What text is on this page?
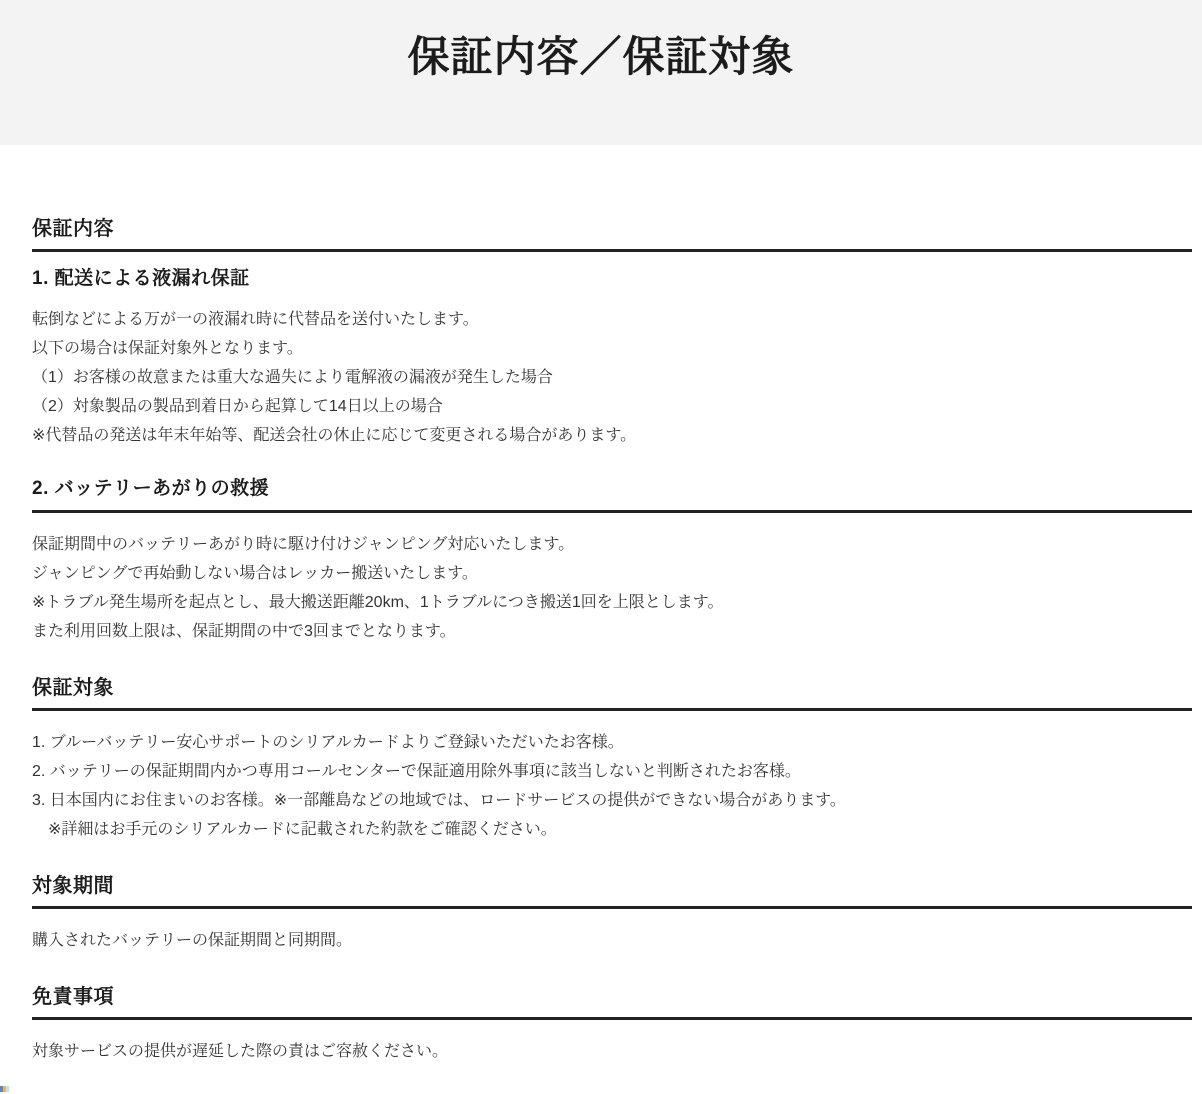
保証内容／保証対象
保証内容
1. 配送による液漏れ保証
転倒などによる万が一の液漏れ時に代替品を送付いたします。
以下の場合は保証対象外となります。
（1）お客様の故意または重大な過失により電解液の漏液が発生した場合
（2）対象製品の製品到着日から起算して14日以上の場合
※代替品の発送は年末年始等、配送会社の休止に応じて変更される場合があります。
2. バッテリーあがりの救援
保証期間中のバッテリーあがり時に駆け付けジャンピング対応いたします。
ジャンピングで再始動しない場合はレッカー搬送いたします。
※トラブル発生場所を起点とし、最大搬送距離20km、1トラブルにつき搬送1回を上限とします。
また利用回数上限は、保証期間の中で3回までとなります。
保証対象
1. ブルーバッテリー安心サポートのシリアルカードよりご登録いただいたお客様。
2. バッテリーの保証期間内かつ専用コールセンターで保証適用除外事項に該当しないと判断されたお客様。
3. 日本国内にお住まいのお客様。※一部離島などの地域では、ロードサービスの提供ができない場合があります。
※詳細はお手元のシリアルカードに記載された約款をご確認ください。
対象期間
購入されたバッテリーの保証期間と同期間。
免責事項
対象サービスの提供が遅延した際の責はご容赦ください。
